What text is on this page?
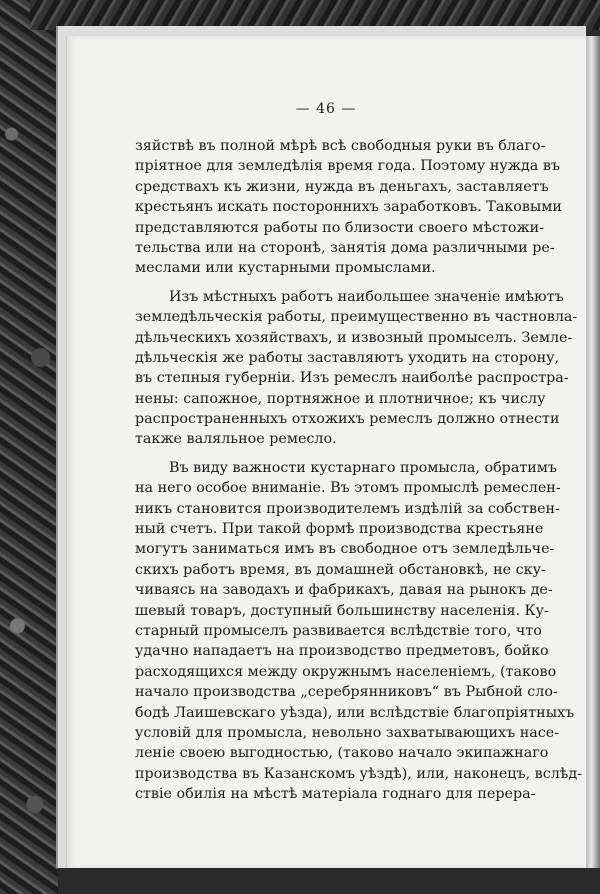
— 46 —
зяйствѣ въ полной мѣрѣ всѣ свободныя руки въ благо-
пріятное для земледѣлія время года. Поэтому нужда въ
средствахъ къ жизни, нужда въ деньгахъ, заставляетъ
крестьянъ искать постороннихъ заработковъ. Таковыми
представляются работы по близости своего мѣстожи-
тельства или на сторонѣ, занятія дома различными ре-
меслами или кустарными промыслами.
Изъ мѣстныхъ работъ наибольшее значеніе имѣютъ
земледѣльческія работы, преимущественно въ частновла-
дѣльческихъ хозяйствахъ, и извозный промыселъ. Земле-
дѣльческія же работы заставляютъ уходить на сторону,
въ степныя губерніи. Изъ ремеслъ наиболѣе распростра-
нены: сапожное, портняжное и плотничное; къ числу
распространенныхъ отхожихъ ремеслъ должно отнести
также валяльное ремесло.
Въ виду важности кустарнаго промысла, обратимъ
на него особое вниманіе. Въ этомъ промыслѣ ремеслен-
никъ становится производителемъ издѣлій за собствен-
ный счетъ. При такой формѣ производства крестьяне
могутъ заниматься имъ въ свободное отъ земледѣльче-
скихъ работъ время, въ домашней обстановкѣ, не ску-
чиваясь на заводахъ и фабрикахъ, давая на рынокъ де-
шевый товаръ, доступный большинству населенія. Ку-
старный промыселъ развивается вслѣдствіе того, что
удачно нападаетъ на производство предметовъ, бойко
расходящихся между окружнымъ населеніемъ, (таково
начало производства „серебрянниковъ“ въ Рыбной сло-
бодѣ Лаишевскаго уѣзда), или вслѣдствіе благопріятныхъ
условій для промысла, невольно захватывающихъ насе-
леніе своею выгодностью, (таково начало экипажнаго
производства въ Казанскомъ уѣздѣ), или, наконецъ, вслѣд-
ствіе обилія на мѣстѣ матеріала годнаго для перера-
